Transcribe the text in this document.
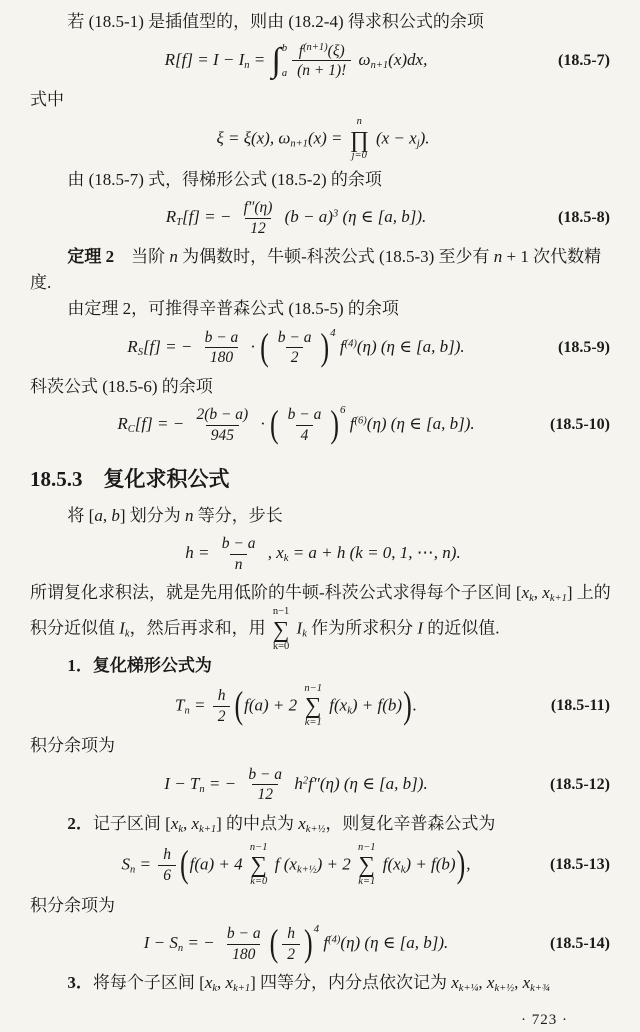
若 (18.5-1) 是插值型的，则由 (18.2-4) 得求积公式的余项

$R[f] = I - I_n$ = ∫ b
a $\frac{f^{(n+1)}(\xi)}{(n + 1)!} \omega_{n+1}(x)dx$,	(18.5-7)

式中

ξ = ξ(x), $\omega_{n+1}(x)$ =
n
∏
j=0
$(x - x_j)$.

由 (18.5-7) 式，得梯形公式 (18.5-2) 的余项

$R_T[f]$ = − $\frac{f''(\eta)}{12} (b - a)^3$ (η ∈ [a, b]).	(18.5-8)

定理 2　当阶 n 为偶数时，牛顿-科茨公式 (18.5-3) 至少有 n + 1 次代数精度.

由定理 2，可推得辛普森公式 (18.5-5) 的余项

$R_S[f]$ = − $\frac{b - a}{180}$ · ( $\frac{b - a}{2}$ ) 4
$f^{(4)}(\eta)$ (η ∈ [a, b]).	(18.5-9)

科茨公式 (18.5-6) 的余项

$R_C[f]$ = − $\frac{2(b - a)}{945}$ · ( $\frac{b - a}{4}$ ) 6
$f^{(6)}(\eta)$ (η ∈ [a, b]).	(18.5-10)
18.5.3　复化求积公式

将 [a, b] 划分为 n 等分，步长

$h = \frac{b - a}{n}$ , $x_k = a + h$ (k = 0, 1, ⋯, n).

所谓复化求积法，就是先用低阶的牛顿-科茨公式求得每个子区间 [$x_k$, $x_{k+1}$] 上的积分近似值 $I_k$，然后再求和，用
n−1
∑
k=0
$I_k$ 作为所求积分 I 的近似值.

1．复化梯形公式为

$T_n = \frac{h}{2}$ ( f(a) + 2
n−1
∑
k=1
$f(x_k) + f(b)$ ) .	(18.5-11)

积分余项为

$I - T_n$ = − $\frac{b - a}{12} h^2f''(\eta)$ (η ∈ [a, b]).	(18.5-12)

2．记子区间 [$x_k$, $x_{k+1}$] 的中点为 $x_{k+\frac{1}{2}}$，则复化辛普森公式为

$S_n = \frac{h}{6}$ ( f(a) + 4
n−1
∑
k=0
f $(x_{k+\frac{1}{2}}) + 2$
n−1
∑
k=1
$f(x_k) + f(b)$ ) ,	(18.5-13)

积分余项为

$I - S_n$ = − $\frac{b - a}{180}$ ( $\frac{h}{2}$ ) 4
$f^{(4)}(\eta)$ (η ∈ [a, b]).	(18.5-14)

3．将每个子区间 [$x_k$, $x_{k+1}$] 四等分，内分点依次记为 $x_{k+\frac{1}{4}}$, $x_{k+\frac{1}{2}}$, $x_{k+\frac{3}{4}}$

· 723 ·
